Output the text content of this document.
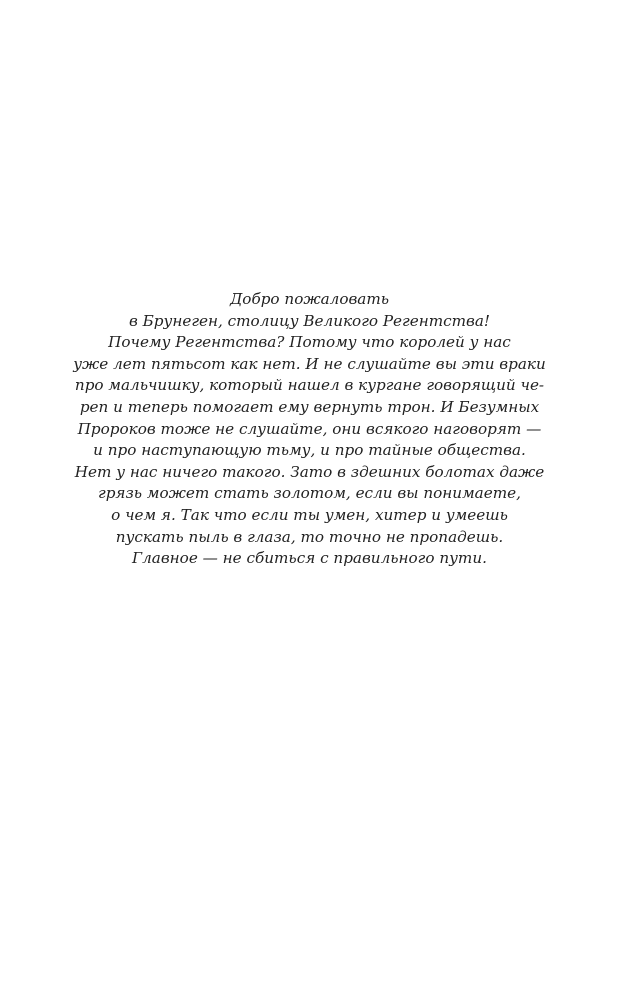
Добро пожаловать
в Брунеген, столицу Великого Регентства!
Почему Регентства? Потому что королей у нас
уже лет пятьсот как нет. И не слушайте вы эти враки
про мальчишку, который нашел в кургане говорящий че-
реп и теперь помогает ему вернуть трон. И Безумных
Пророков тоже не слушайте, они всякого наговорят —
и про наступающую тьму, и про тайные общества.
Нет у нас ничего такого. Зато в здешних болотах даже
грязь может стать золотом, если вы понимаете,
о чем я. Так что если ты умен, хитер и умеешь
пускать пыль в глаза, то точно не пропадешь.
Главное — не сбиться с правильного пути.
